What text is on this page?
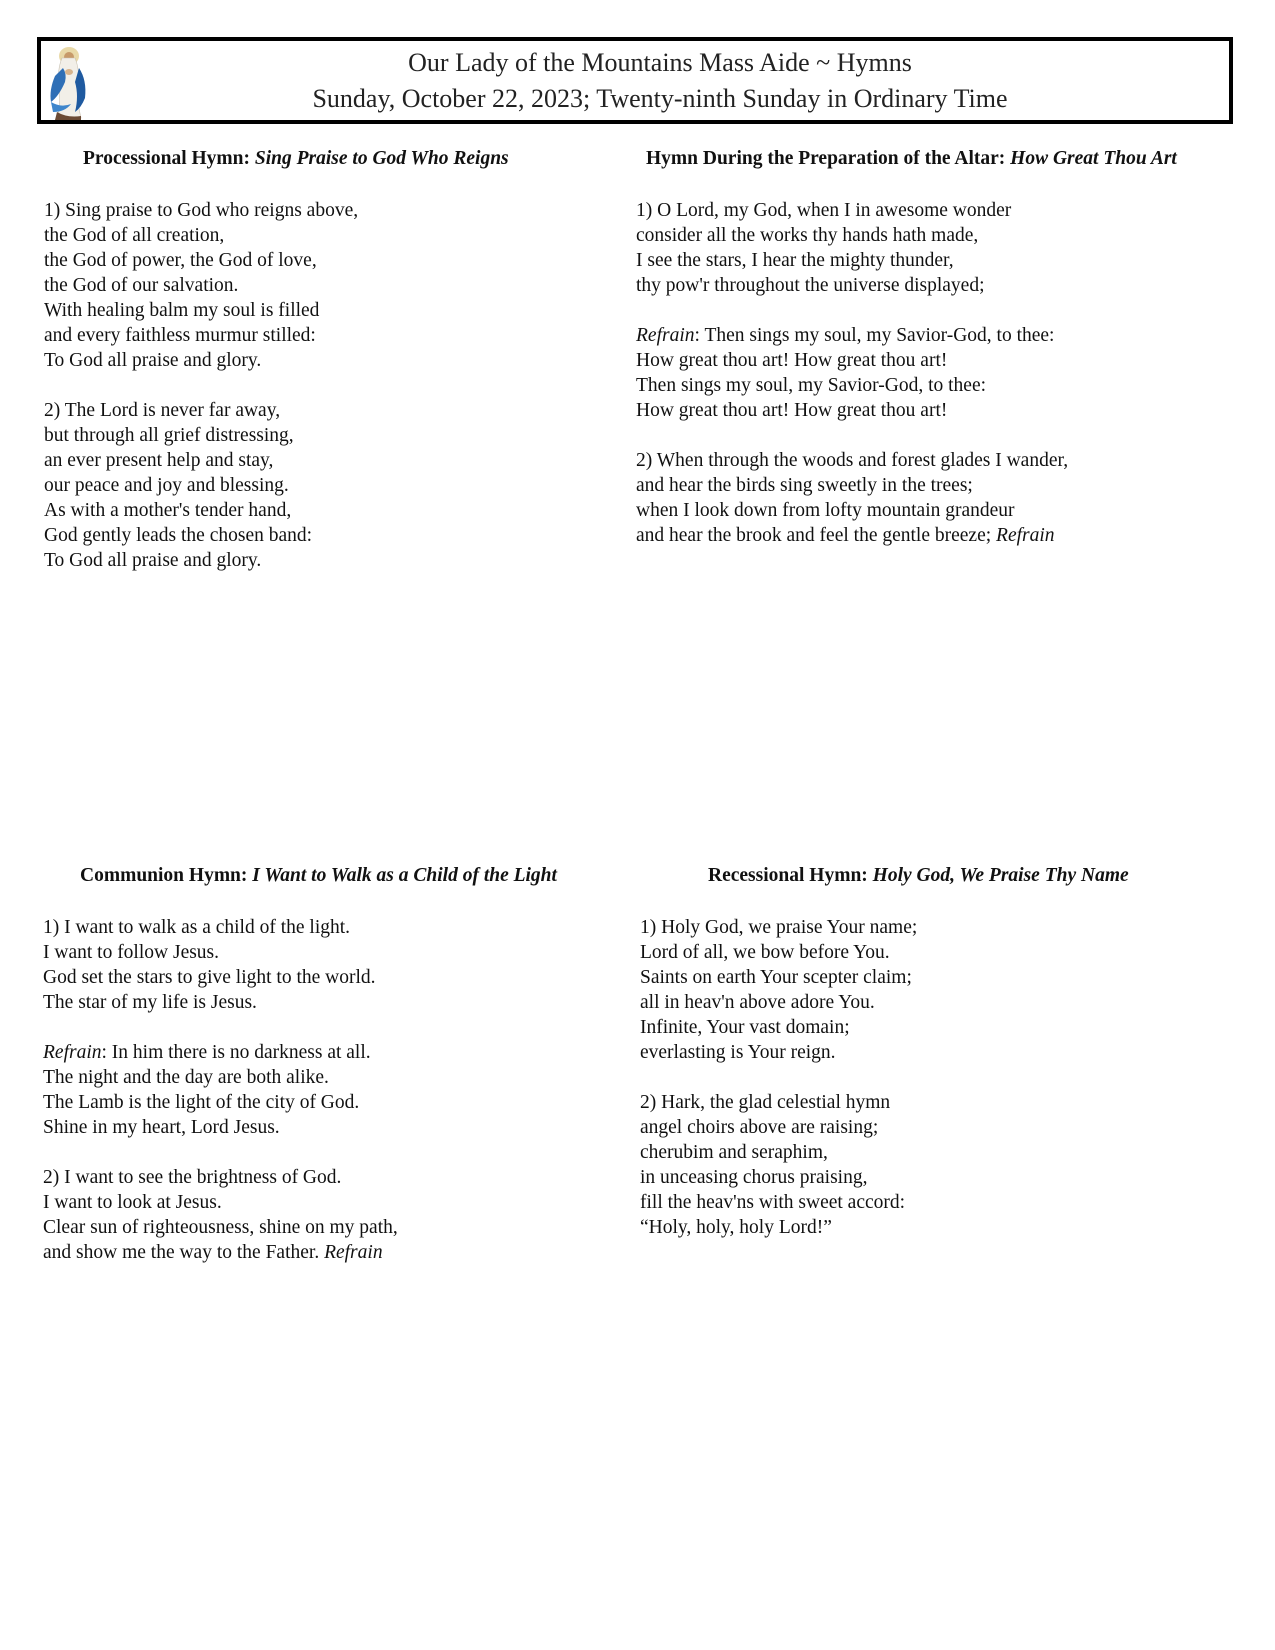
Our Lady of the Mountains Mass Aide ~ Hymns
Sunday, October 22, 2023; Twenty-ninth Sunday in Ordinary Time
Processional Hymn: Sing Praise to God Who Reigns
1) Sing praise to God who reigns above,
the God of all creation,
the God of power, the God of love,
the God of our salvation.
With healing balm my soul is filled
and every faithless murmur stilled:
To God all praise and glory.
2) The Lord is never far away,
but through all grief distressing,
an ever present help and stay,
our peace and joy and blessing.
As with a mother's tender hand,
God gently leads the chosen band:
To God all praise and glory.
Hymn During the Preparation of the Altar: How Great Thou Art
1) O Lord, my God, when I in awesome wonder
consider all the works thy hands hath made,
I see the stars, I hear the mighty thunder,
thy pow'r throughout the universe displayed;
Refrain: Then sings my soul, my Savior-God, to thee:
How great thou art! How great thou art!
Then sings my soul, my Savior-God, to thee:
How great thou art! How great thou art!
2) When through the woods and forest glades I wander,
and hear the birds sing sweetly in the trees;
when I look down from lofty mountain grandeur
and hear the brook and feel the gentle breeze; Refrain
Communion Hymn: I Want to Walk as a Child of the Light
1) I want to walk as a child of the light.
I want to follow Jesus.
God set the stars to give light to the world.
The star of my life is Jesus.
Refrain: In him there is no darkness at all.
The night and the day are both alike.
The Lamb is the light of the city of God.
Shine in my heart, Lord Jesus.
2) I want to see the brightness of God.
I want to look at Jesus.
Clear sun of righteousness, shine on my path,
and show me the way to the Father. Refrain
Recessional Hymn: Holy God, We Praise Thy Name
1) Holy God, we praise Your name;
Lord of all, we bow before You.
Saints on earth Your scepter claim;
all in heav'n above adore You.
Infinite, Your vast domain;
everlasting is Your reign.
2) Hark, the glad celestial hymn
angel choirs above are raising;
cherubim and seraphim,
in unceasing chorus praising,
fill the heav'ns with sweet accord:
“Holy, holy, holy Lord!”
